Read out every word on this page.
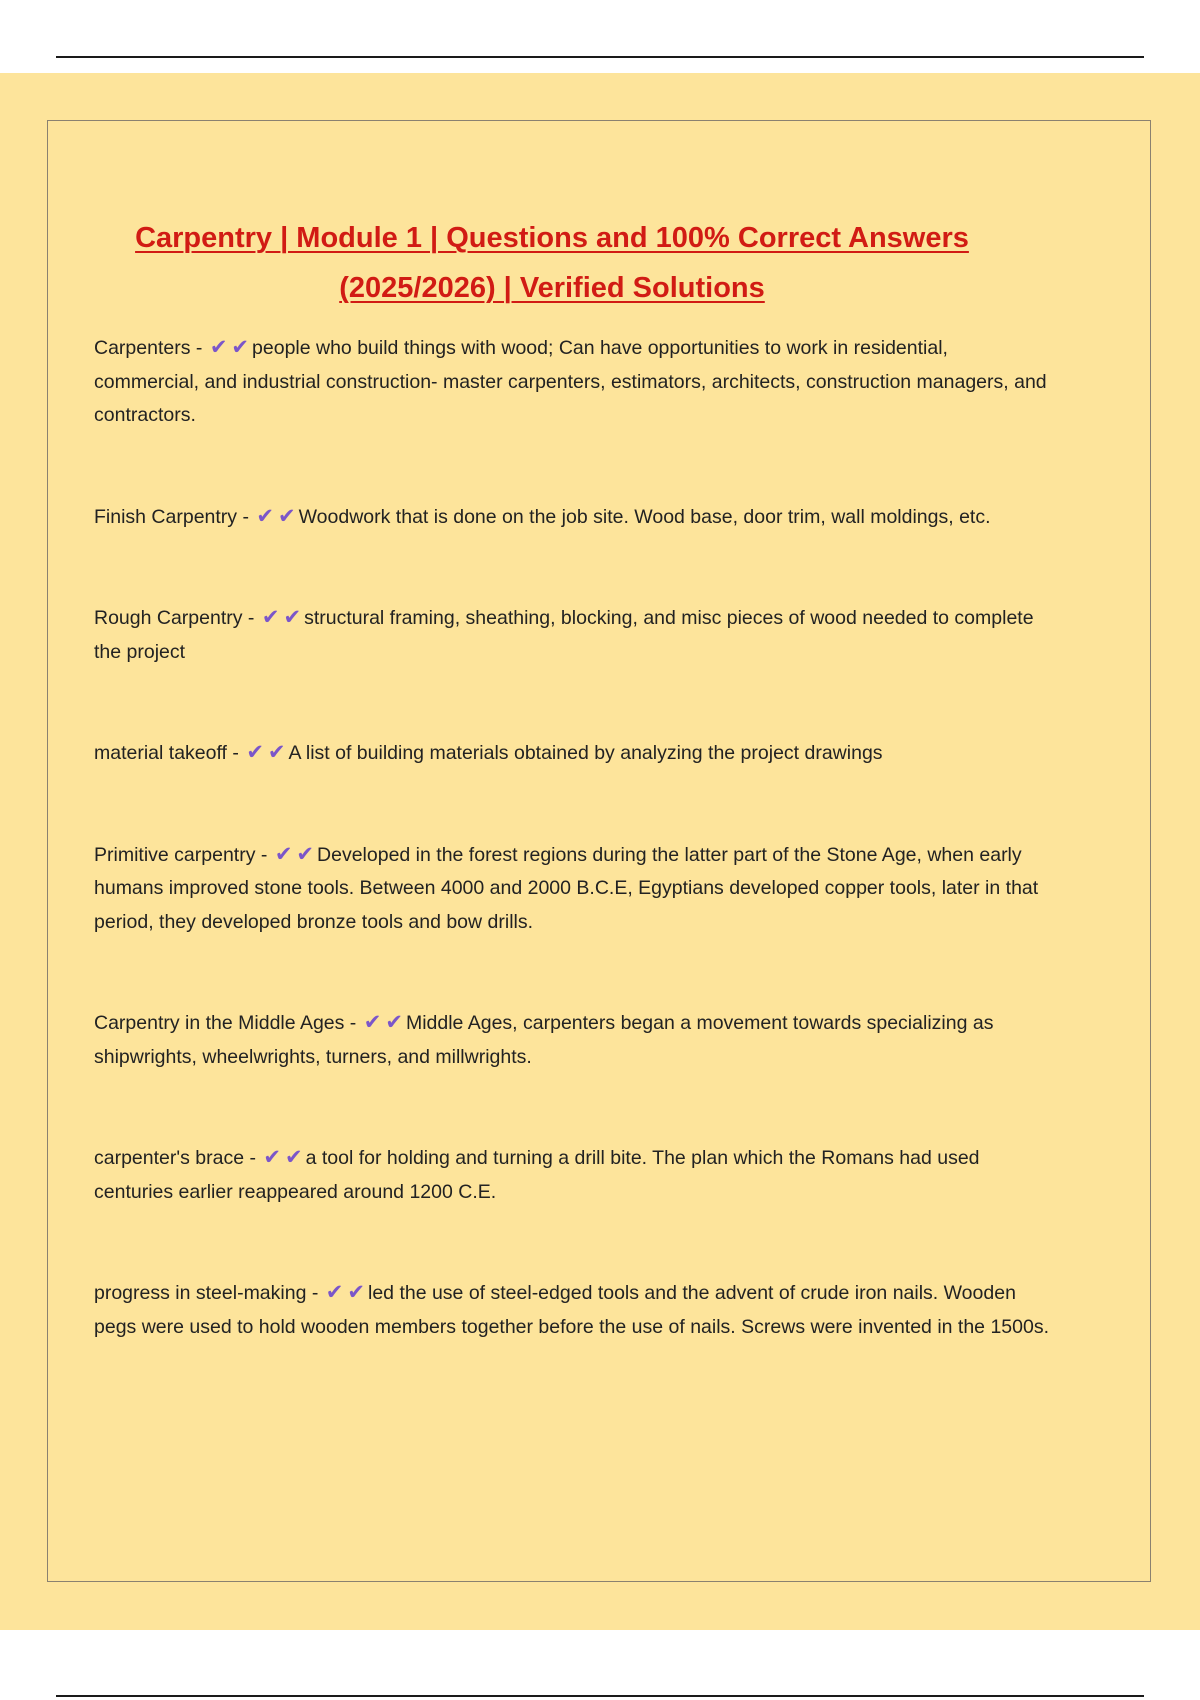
Carpentry | Module 1 | Questions and 100% Correct Answers (2025/2026) | Verified Solutions

Carpenters - ✔ ✔ people who build things with wood; Can have opportunities to work in residential, commercial, and industrial construction- master carpenters, estimators, architects, construction managers, and contractors.

Finish Carpentry - ✔ ✔ Woodwork that is done on the job site. Wood base, door trim, wall moldings, etc.

Rough Carpentry - ✔ ✔ structural framing, sheathing, blocking, and misc pieces of wood needed to complete the project

material takeoff - ✔ ✔ A list of building materials obtained by analyzing the project drawings

Primitive carpentry - ✔ ✔ Developed in the forest regions during the latter part of the Stone Age, when early humans improved stone tools. Between 4000 and 2000 B.C.E, Egyptians developed copper tools, later in that period, they developed bronze tools and bow drills.

Carpentry in the Middle Ages - ✔ ✔ Middle Ages, carpenters began a movement towards specializing as shipwrights, wheelwrights, turners, and millwrights.

carpenter's brace - ✔ ✔ a tool for holding and turning a drill bite. The plan which the Romans had used centuries earlier reappeared around 1200 C.E.

progress in steel-making - ✔ ✔ led the use of steel-edged tools and the advent of crude iron nails. Wooden pegs were used to hold wooden members together before the use of nails. Screws were invented in the 1500s.
